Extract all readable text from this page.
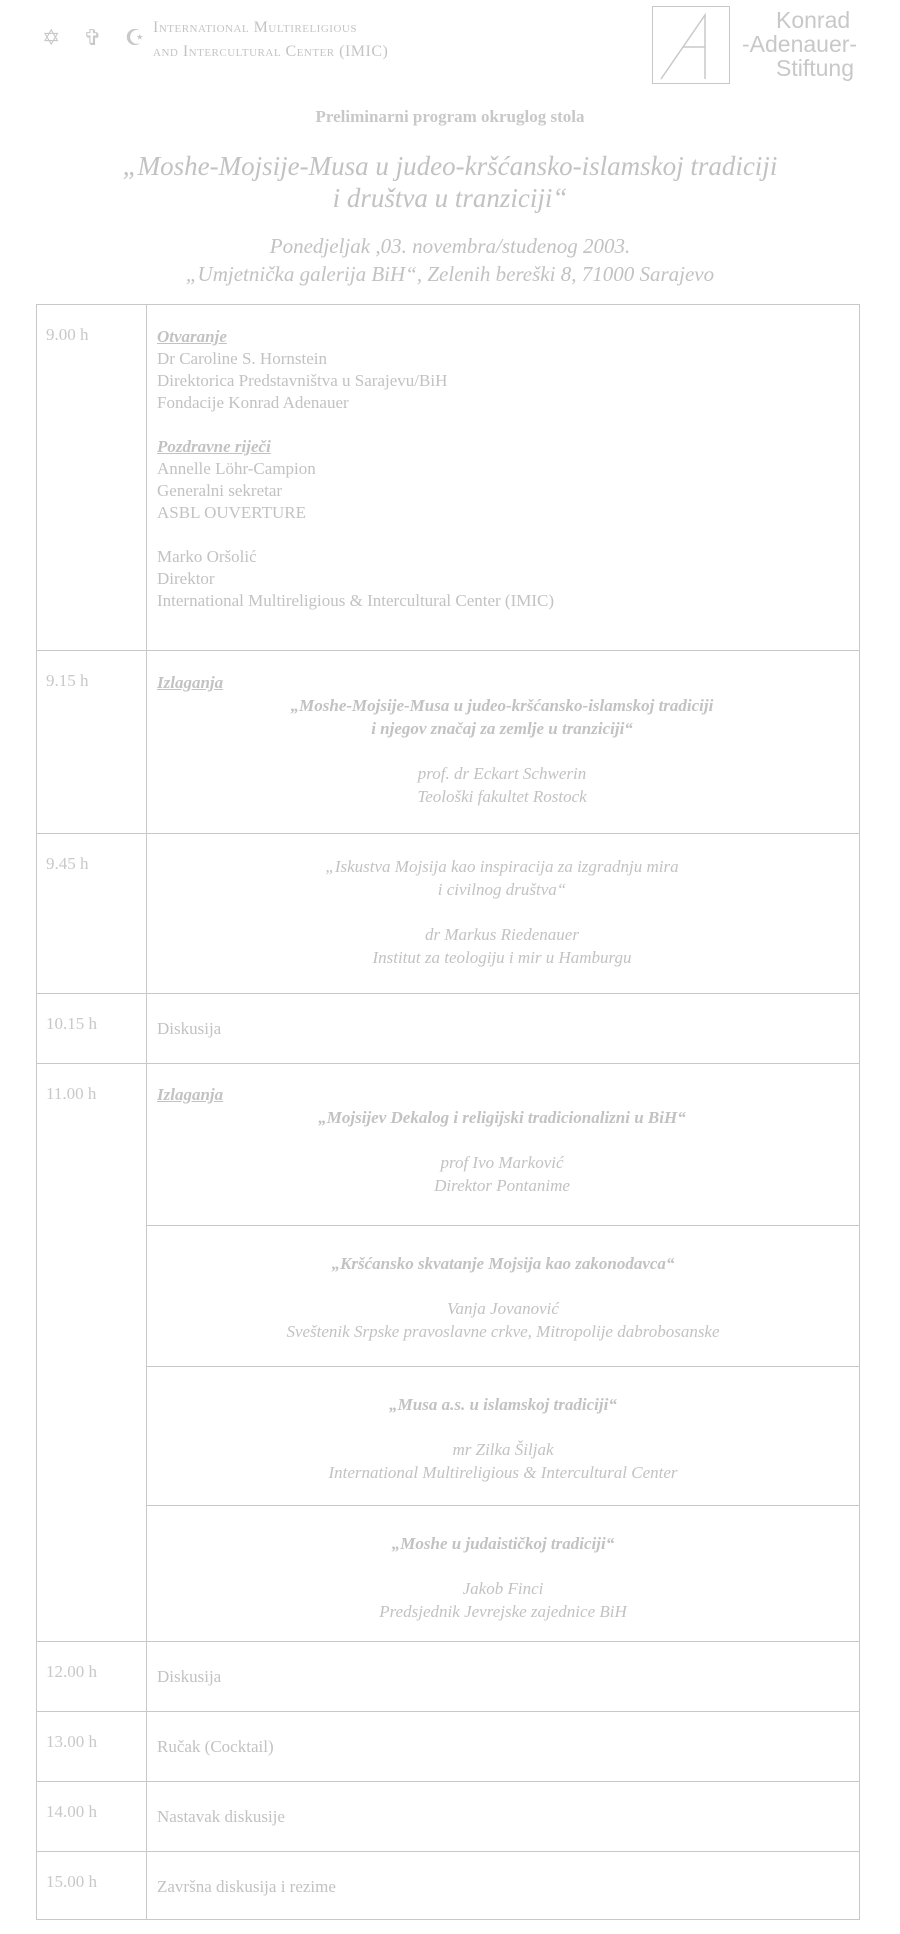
✡ ✞ ☪ International Multireligious
and Intercultural Center (IMIC)
Konrad
-Adenauer-
Stiftung
Preliminarni program okruglog stola
„Moshe-Mojsije-Musa u judeo-kršćansko-islamskoj tradiciji
i društva u tranziciji“
Ponedjeljak ,03. novembra/studenog 2003.
„Umjetnička galerija BiH“, Zelenih bereški 8, 71000 Sarajevo
9.00 h	Otvaranje
Dr Caroline S. Hornstein
Direktorica Predstavništva u Sarajevu/BiH
Fondacije Konrad Adenauer
Pozdravne riječi
Annelle Löhr-Campion
Generalni sekretar
ASBL OUVERTURE
Marko Oršolić
Direktor
International Multireligious & Intercultural Center (IMIC)
9.15 h	Izlaganja
„Moshe-Mojsije-Musa u judeo-kršćansko-islamskoj tradiciji
i njegov značaj za zemlje u tranziciji“
prof. dr Eckart Schwerin
Teološki fakultet Rostock
9.45 h	„Iskustva Mojsija kao inspiracija za izgradnju mira
i civilnog društva“
dr Markus Riedenauer
Institut za teologiju i mir u Hamburgu
10.15 h	Diskusija
11.00 h	Izlaganja
„Mojsijev Dekalog i religijski tradicionalizni u BiH“
prof Ivo Marković
Direktor Pontanime
„Kršćansko skvatanje Mojsija kao zakonodavca“
Vanja Jovanović
Sveštenik Srpske pravoslavne crkve, Mitropolije dabrobosanske
„Musa a.s. u islamskoj tradiciji“
mr Zilka Šiljak
International Multireligious & Intercultural Center
„Moshe u judaističkoj tradiciji“
Jakob Finci
Predsjednik Jevrejske zajednice BiH
12.00 h	Diskusija
13.00 h	Ručak (Cocktail)
14.00 h	Nastavak diskusije
15.00 h	Završna diskusija i rezime
